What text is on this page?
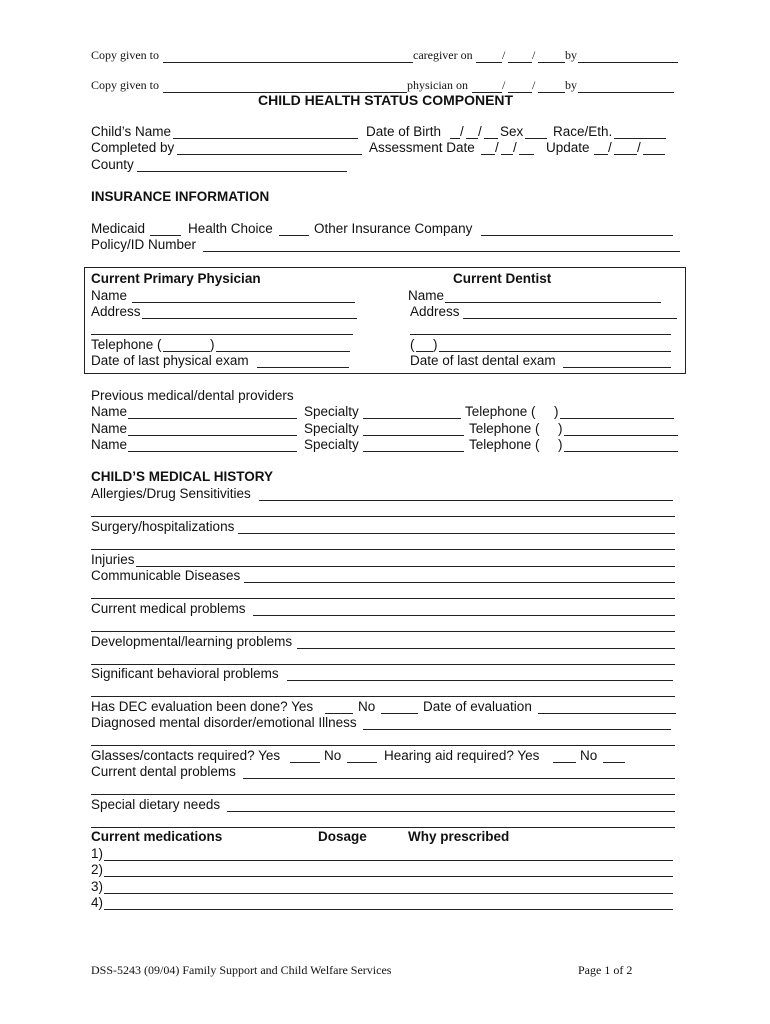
Copy given to	caregiver on / / by
Copy given to	physician on	/ / by
CHILD HEALTH STATUS COMPONENT
Child’s Name	Date of Birth / / Sex Race/Eth.
Completed by	Assessment Date / / Update / /
County
INSURANCE INFORMATION
Medicaid	Health Choice	Other Insurance Company
Policy/ID Number
Current Primary Physician	Current Dentist
Name	Name
Address	Address
Telephone (	)	( )
Date of last physical exam	Date of last dental exam
Previous medical/dental providers
Name	Specialty	Telephone ( )
Name	Specialty	Telephone ( )
Name	Specialty	Telephone ( )
CHILD’S MEDICAL HISTORY
Allergies/Drug Sensitivities
Surgery/hospitalizations
Injuries
Communicable Diseases
Current medical problems
Developmental/learning problems
Significant behavioral problems
Has DEC evaluation been done? Yes	No	Date of evaluation
Diagnosed mental disorder/emotional Illness
Glasses/contacts required? Yes	No	Hearing aid required? Yes	No
Current dental problems
Special dietary needs
Current medications	Dosage	Why prescribed
1)
2)
3)
4)
DSS-5243 (09/04) Family Support and Child Welfare Services	Page 1 of 2
